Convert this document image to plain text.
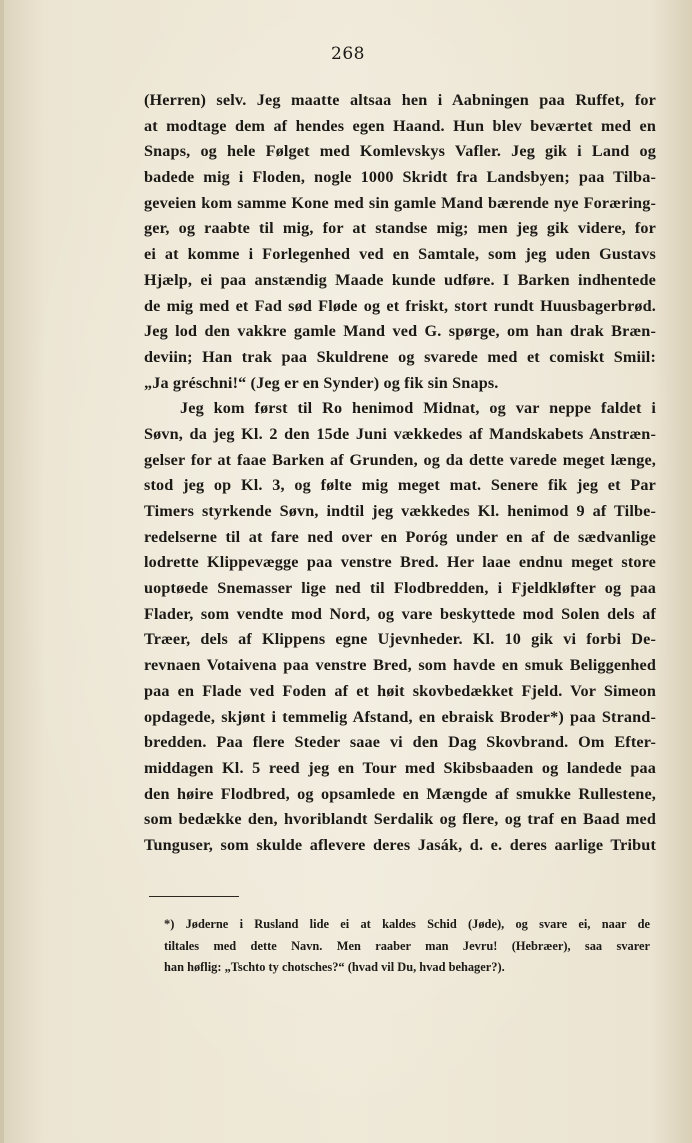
268
(Herren) selv. Jeg maatte altsaa hen i Aabningen paa Ruffet, for
at modtage dem af hendes egen Haand. Hun blev beværtet med en
Snaps, og hele Følget med Komlevskys Vafler. Jeg gik i Land og
badede mig i Floden, nogle 1000 Skridt fra Landsbyen; paa Tilba-
geveien kom samme Kone med sin gamle Mand bærende nye Foræring-
ger, og raabte til mig, for at standse mig; men jeg gik videre, for
ei at komme i Forlegenhed ved en Samtale, som jeg uden Gustavs
Hjælp, ei paa anstændig Maade kunde udføre. I Barken indhentede
de mig med et Fad sød Fløde og et friskt, stort rundt Huusbagerbrød.
Jeg lod den vakkre gamle Mand ved G. spørge, om han drak Bræn-
deviin; Han trak paa Skuldrene og svarede med et comiskt Smiil:
„Ja gréschni!“ (Jeg er en Synder) og fik sin Snaps.
Jeg kom først til Ro henimod Midnat, og var neppe faldet i
Søvn, da jeg Kl. 2 den 15de Juni vækkedes af Mandskabets Anstræn-
gelser for at faae Barken af Grunden, og da dette varede meget længe,
stod jeg op Kl. 3, og følte mig meget mat. Senere fik jeg et Par
Timers styrkende Søvn, indtil jeg vækkedes Kl. henimod 9 af Tilbe-
redelserne til at fare ned over en Poróg under en af de sædvanlige
lodrette Klippevægge paa venstre Bred. Her laae endnu meget store
uoptøede Snemasser lige ned til Flodbredden, i Fjeldkløfter og paa
Flader, som vendte mod Nord, og vare beskyttede mod Solen dels af
Træer, dels af Klippens egne Ujevnheder. Kl. 10 gik vi forbi De-
revnaen Votaivena paa venstre Bred, som havde en smuk Beliggenhed
paa en Flade ved Foden af et høit skovbedækket Fjeld. Vor Simeon
opdagede, skjønt i temmelig Afstand, en ebraisk Broder*) paa Strand-
bredden. Paa flere Steder saae vi den Dag Skovbrand. Om Efter-
middagen Kl. 5 reed jeg en Tour med Skibsbaaden og landede paa
den høire Flodbred, og opsamlede en Mængde af smukke Rullestene,
som bedække den, hvoriblandt Serdalik og flere, og traf en Baad med
Tunguser, som skulde aflevere deres Jasák, d. e. deres aarlige Tribut
*) Jøderne i Rusland lide ei at kaldes Schid (Jøde), og svare ei, naar de
tiltales med dette Navn. Men raaber man Jevru! (Hebræer), saa svarer
han høflig: „Tschto ty chotsches?“ (hvad vil Du, hvad behager?).
